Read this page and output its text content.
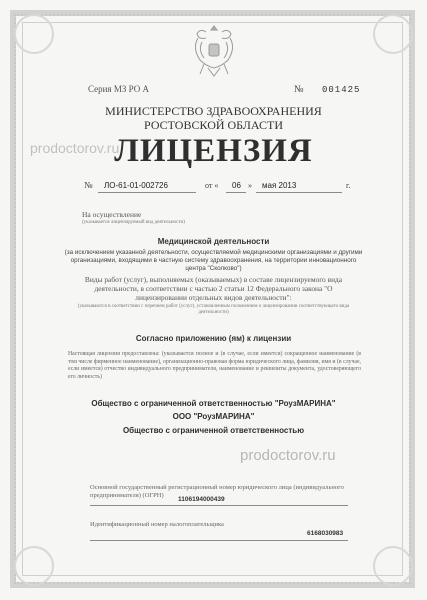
Серия МЗ РО А	№ 001425
МИНИСТЕРСТВО ЗДРАВООХРАНЕНИЯ
РОСТОВСКОЙ ОБЛАСТИ
prodoctorov.ru
ЛИЦЕНЗИЯ
№ ЛО-61-01-002726	от « 06 » мая 2013	г.
На осуществление
(указывается лицензируемый вид деятельности)
Медицинской деятельности
(за исключением указанной деятельности, осуществляемой медицинскими организациями и другими организациями, входящими в частную систему здравоохранения, на территории инновационного центра "Сколково")
Виды работ (услуг), выполняемых (оказываемых) в составе лицензируемого вида деятельности, в соответствии с частью 2 статьи 12 Федерального закона "О лицензировании отдельных видов деятельности":
(указываются в соответствии с перечнем работ (услуг), установленным положением о лицензировании соответствующего вида деятельности)
Согласно приложению (ям) к лицензии
Настоящая лицензия предоставлена: (указывается полное и (в случае, если имеется) сокращенное наименование (в том числе фирменное наименование), организационно-правовая форма юридического лица, фамилия, имя и (в случае, если имеется) отчество индивидуального предпринимателя, наименование и реквизиты документа, удостоверяющего его личность)
Общество с ограниченной ответственностью "РоузМАРИНА"
ООО "РоузМАРИНА"
Общество с ограниченной ответственностью
prodoctorov.ru
Основной государственный регистрационный номер юридического лица (индивидуального предпринимателя) (ОГРН)
1106194000439
Идентификационный номер налогоплательщика
6168030983
